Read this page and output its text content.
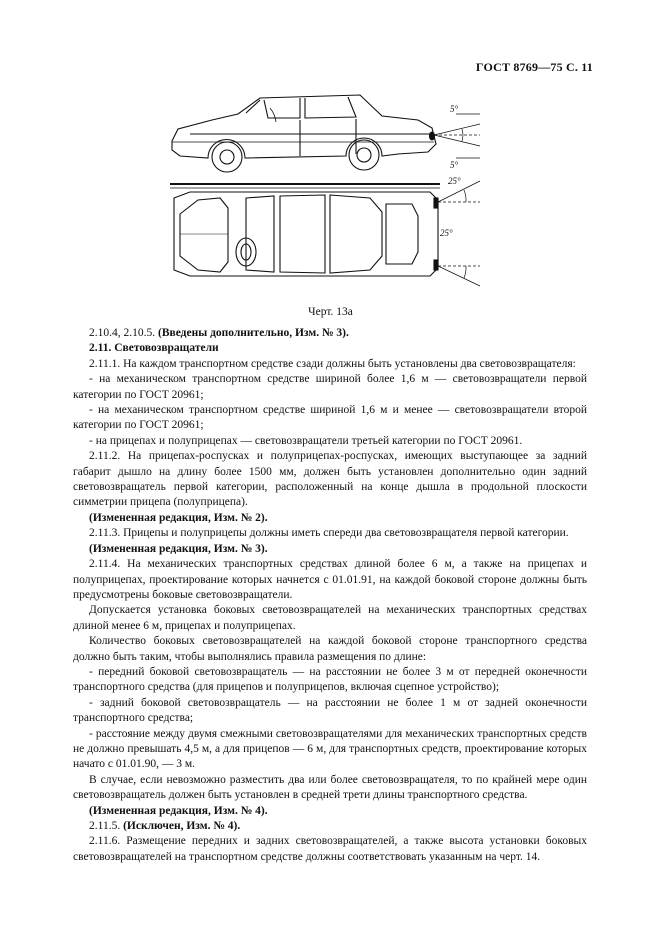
ГОСТ 8769—75 С. 11
5°
5°
25°
25°
Черт. 13а

2.10.4, 2.10.5. (Введены дополнительно, Изм. № 3).

2.11. Световозвращатели

2.11.1. На каждом транспортном средстве сзади должны быть установлены два световозвращателя:

- на механическом транспортном средстве шириной более 1,6 м — световозвращатели первой категории по ГОСТ 20961;

- на механическом транспортном средстве шириной 1,6 м и менее — световозвращатели второй категории по ГОСТ 20961;

- на прицепах и полуприцепах — световозвращатели третьей категории по ГОСТ 20961.

2.11.2. На прицепах-роспусках и полуприцепах-роспусках, имеющих выступающее за задний габарит дышло на длину более 1500 мм, должен быть установлен дополнительно один задний световозвращатель первой категории, расположенный на конце дышла в продольной плоскости симметрии прицепа (полуприцепа).

(Измененная редакция, Изм. № 2).

2.11.3. Прицепы и полуприцепы должны иметь спереди два световозвращателя первой категории.

(Измененная редакция, Изм. № 3).

2.11.4. На механических транспортных средствах длиной более 6 м, а также на прицепах и полуприцепах, проектирование которых начнется с 01.01.91, на каждой боковой стороне должны быть предусмотрены боковые световозвращатели.

Допускается установка боковых световозвращателей на механических транспортных средствах длиной менее 6 м, прицепах и полуприцепах.

Количество боковых световозвращателей на каждой боковой стороне транспортного средства должно быть таким, чтобы выполнялись правила размещения по длине:

- передний боковой световозвращатель — на расстоянии не более 3 м от передней оконечности транспортного средства (для прицепов и полуприцепов, включая сцепное устройство);

- задний боковой световозвращатель — на расстоянии не более 1 м от задней оконечности транспортного средства;

- расстояние между двумя смежными световозвращателями для механических транспортных средств не должно превышать 4,5 м, а для прицепов — 6 м, для транспортных средств, проектирование которых начато с 01.01.90, — 3 м.

В случае, если невозможно разместить два или более световозвращателя, то по крайней мере один световозвращатель должен быть установлен в средней трети длины транспортного средства.

(Измененная редакция, Изм. № 4).

2.11.5. (Исключен, Изм. № 4).

2.11.6. Размещение передних и задних световозвращателей, а также высота установки боковых световозвращателей на транспортном средстве должны соответствовать указанным на черт. 14.
